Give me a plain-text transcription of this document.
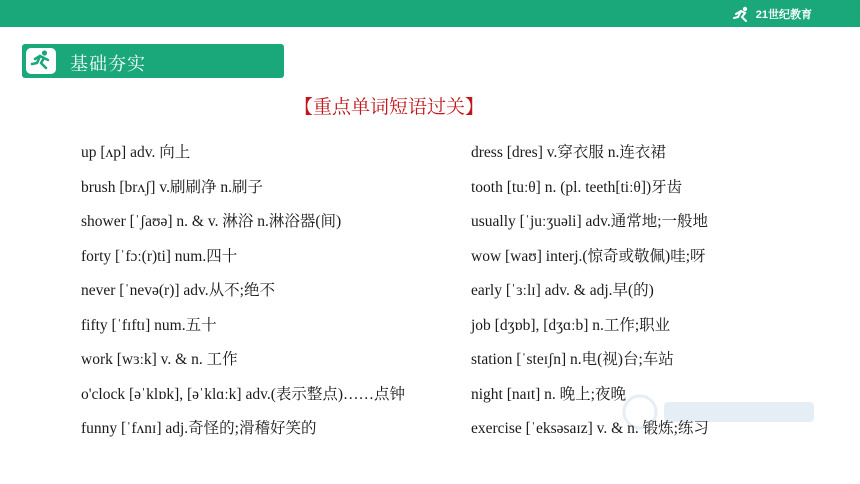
21世纪教育
基础夯实
【重点单词短语过关】
up [ʌp] adv. 向上
brush [brʌʃ] v.刷刷净 n.刷子
shower [ˈʃaʊə] n. & v. 淋浴 n.淋浴器(间)
forty [ˈfɔː(r)ti] num.四十
never [ˈnevə(r)] adv.从不;绝不
fifty [ˈfɪftɪ] num.五十
work [wɜːk] v. & n. 工作
o'clock [əˈklɒk], [əˈklɑːk] adv.(表示整点)……点钟
funny [ˈfʌnɪ] adj.奇怪的;滑稽好笑的
dress [dres] v.穿衣服 n.连衣裙
tooth [tuːθ] n. (pl. teeth[tiːθ])牙齿
usually [ˈjuːʒuəli] adv.通常地;一般地
wow [waʊ] interj.(惊奇或敬佩)哇;呀
early [ˈɜːlɪ] adv. & adj.早(的)
job [dʒɒb], [dʒɑːb] n.工作;职业
station [ˈsteɪʃn] n.电(视)台;车站
night [naɪt] n. 晚上;夜晚
exercise [ˈeksəsaɪz] v. & n. 锻炼;练习
